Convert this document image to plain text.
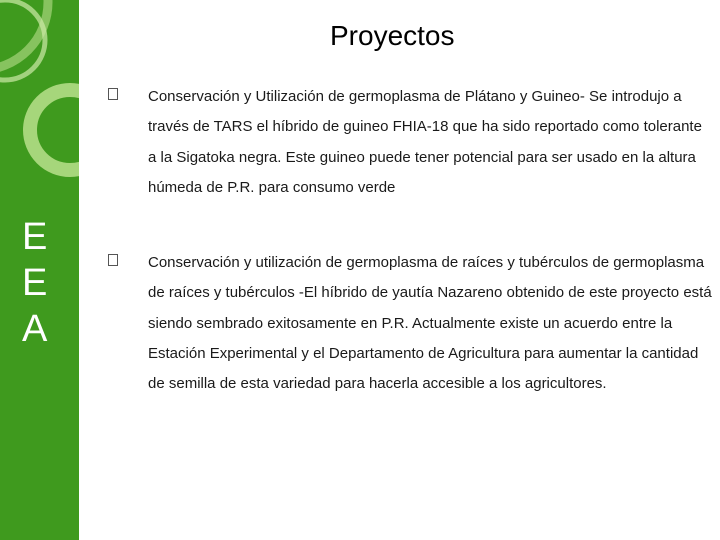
E
E
A
Proyectos

Conservación y Utilización de germoplasma de Plátano y Guineo- Se introdujo a través de TARS el híbrido de guineo FHIA-18 que ha sido reportado como tolerante a la Sigatoka negra. Este guineo puede tener potencial para ser usado en la altura húmeda de P.R. para consumo verde

Conservación y utilización de germoplasma de raíces y tubérculos de germoplasma de raíces y tubérculos -El híbrido de yautía Nazareno obtenido de este proyecto está siendo sembrado exitosamente en P.R. Actualmente existe un acuerdo entre la Estación Experimental y el Departamento de Agricultura para aumentar la cantidad de semilla de esta variedad para hacerla accesible a los agricultores.
